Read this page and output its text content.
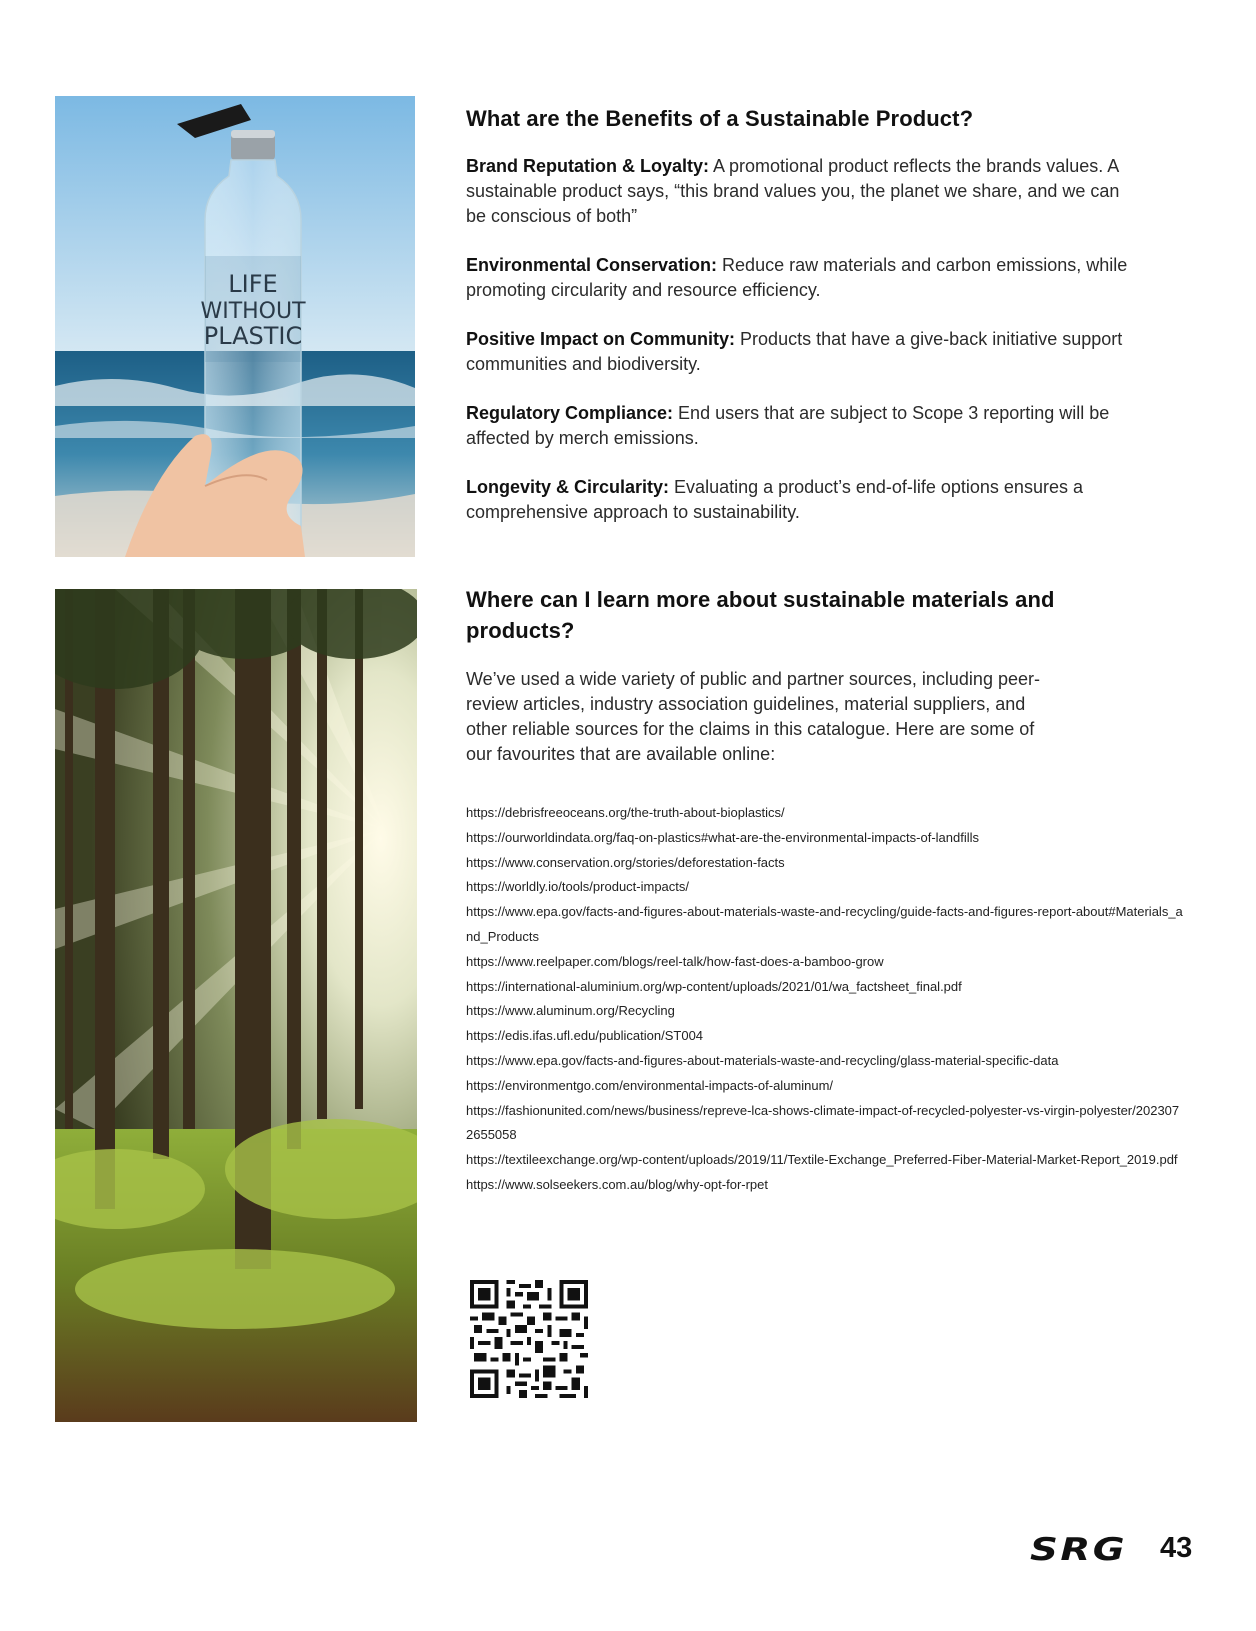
LIFE
WITHOUT
PLASTIC
What are the Benefits of a Sustainable Product?

Brand Reputation & Loyalty: A promotional product reflects the brands values. A sustainable product says, “this brand values you, the planet we share, and we can be conscious of both”

Environmental Conservation: Reduce raw materials and carbon emissions, while promoting circularity and resource efficiency.

Positive Impact on Community: Products that have a give-back initiative support communities and biodiversity.

Regulatory Compliance: End users that are subject to Scope 3 reporting will be affected by merch emissions.

Longevity & Circularity: Evaluating a product’s end-of-life options ensures a comprehensive approach to sustainability.

Where can I learn more about sustainable materials and products?

We’ve used a wide variety of public and partner sources, including peer-review articles, industry association guidelines, material suppliers, and other reliable sources for the claims in this catalogue. Here are some of our favourites that are available online:

https://debrisfreeoceans.org/the-truth-about-bioplastics/
https://ourworldindata.org/faq-on-plastics#what-are-the-environmental-impacts-of-landfills
https://www.conservation.org/stories/deforestation-facts
https://worldly.io/tools/product-impacts/
https://www.epa.gov/facts-and-figures-about-materials-waste-and-recycling/guide-facts-and-figures-report-about#Materials_and_Products
https://www.reelpaper.com/blogs/reel-talk/how-fast-does-a-bamboo-grow
https://international-aluminium.org/wp-content/uploads/2021/01/wa_factsheet_final.pdf
https://www.aluminum.org/Recycling
https://edis.ifas.ufl.edu/publication/ST004
https://www.epa.gov/facts-and-figures-about-materials-waste-and-recycling/glass-material-specific-data
https://environmentgo.com/environmental-impacts-of-aluminum/
https://fashionunited.com/news/business/repreve-lca-shows-climate-impact-of-recycled-polyester-vs-virgin-polyester/2023072655058
https://textileexchange.org/wp-content/uploads/2019/11/Textile-Exchange_Preferred-Fiber-Material-Market-Report_2019.pdf
https://www.solseekers.com.au/blog/why-opt-for-rpet
SRG 43
